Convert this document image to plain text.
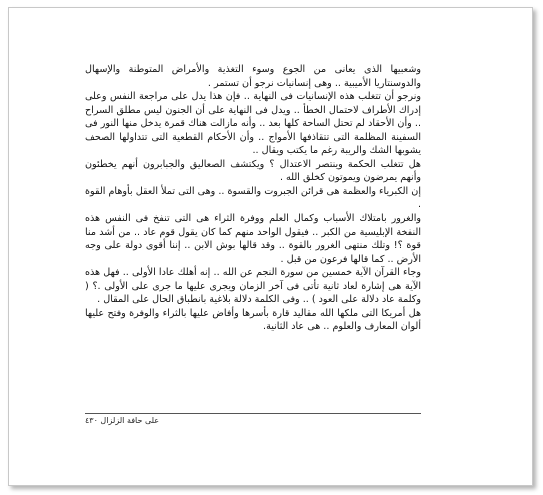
وشعبيها الذى يعانى من الجوع وسوء التغذية والأمراض المتوطنة والإسهال والدوسنتاريا الأميبية .. وهى إنسانيات نرجو أن تستمر .

ونرجو أن تتغلب هذه الإنسانيات فى النهاية .. فإن هذا يدل على مراجعة النفس وعلى إدراك الأطراف لاحتمال الخطأ .. ويدل فى النهاية على أن الجنون ليس مطلق السراح .. وأن الأحقاد لم تحتل الساحة كلها بعد .. وأنه مازالت هناك قمرة يدخل منها النور فى السفينة المظلمة التى تتقاذفها الأمواج .. وأن الأحكام القطعية التى تتداولها الصحف يشوبها الشك والريبة رغم ما يكتب ويقال ..

هل تتغلب الحكمة وينتصر الاعتدال ؟ ويكتشف الصعاليق والجبابرون أنهم يخطئون وأنهم يمرضون ويموتون كخلق الله .

إن الكبرياء والعظمة هى قرائن الجبروت والقسوة .. وهى التى تملأ العقل بأوهام القوة .

والغرور بامتلاك الأسباب وكمال العلم ووفرة الثراء هى التى تنفخ فى النفس هذه النفخة الإبليسية من الكبر .. فيقول الواحد منهم كما كان يقول قوم عاد .. من أشد منا قوة ؟! وتلك منتهى الغرور بالقوة .. وقد قالها بوش الابن .. إننا أقوى دولة على وجه الأرض .. كما قالها فرعون من قبل .

وجاء القرآن الآية خمسين من سورة النجم عن الله .. إنه أهلك عادا الأولى .. فهل هذه الآية هى إشارة لعاد ثانية تأتى فى آخر الزمان ويجرى عليها ما جرى على الأولى .؟ ( وكلمة عاد دلالة على العود ) .. وفى الكلمة دلالة بلاغية بانطباق الحال على المقال .

هل أمريكا التى ملكها الله مقاليد قارة بأسرها وأفاض عليها بالثراء والوفرة وفتح عليها ألوان المعارف والعلوم .. هى عاد الثانية.

على حافة الزلزال ٤٣٠
